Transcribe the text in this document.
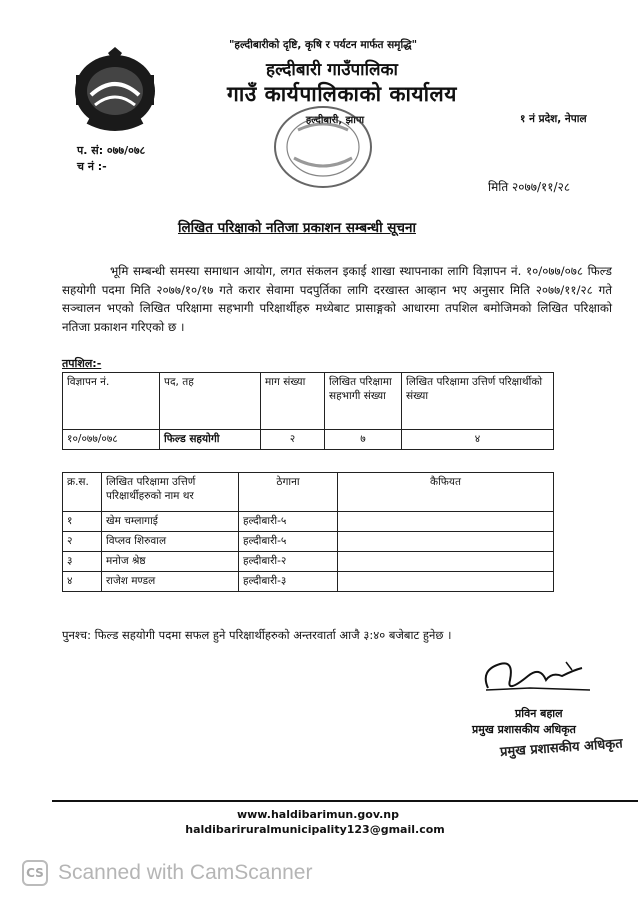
"हल्दीबारीको दृष्टि, कृषि र पर्यटन मार्फत समृद्धि"
हल्दीबारी गाउँपालिका
गाउँ कार्यपालिकाको कार्यालय
हल्दीबारी, झापा	१ नं प्रदेश, नेपाल
प. सं: ०७७/०७८
च नं :-
मिति २०७७/११/२८
लिखित परिक्षाको नतिजा प्रकाशन सम्बन्धी सूचना
भूमि सम्बन्धी समस्या समाधान आयोग, लगत संकलन इकाई शाखा स्थापनाका लागि विज्ञापन नं. १०/०७७/०७८ फिल्ड सहयोगी पदमा मिति २०७७/१०/१७ गते करार सेवामा पदपुर्तिका लागि दरखास्त आव्हान भए अनुसार मिति २०७७/११/२८ गते सञ्चालन भएको लिखित परिक्षामा सहभागी परिक्षार्थीहरु मध्येबाट प्रासाङ्गको आधारमा तपशिल बमोजिमको लिखित परिक्षाको नतिजा प्रकाशन गरिएको छ ।
तपशिल:-
विज्ञापन नं.	पद, तह	माग संख्या	लिखित परिक्षामा सहभागी संख्या	लिखित परिक्षामा उत्तिर्ण परिक्षार्थीको संख्या
१०/०७७/०७८	फिल्ड सहयोगी	२	७	४
क्र.स.	लिखित परिक्षामा उत्तिर्ण परिक्षार्थीहरुको नाम थर	ठेगाना	कैफियत
१	खेम चम्लागाई	हल्दीबारी-५	
२	विप्लव शिरुवाल	हल्दीबारी-५	
३	मनोज श्रेष्ठ	हल्दीबारी-२	
४	राजेश मण्डल	हल्दीबारी-३	
पुनश्च: फिल्ड सहयोगी पदमा सफल हुने परिक्षार्थीहरुको अन्तरवार्ता आजै ३:४० बजेबाट हुनेछ ।
प्रविन बहाल
प्रमुख प्रशासकीय अधिकृत
प्रमुख प्रशासकीय अधिकृत
www.haldibarimun.gov.np
haldibariruralmunicipality123@gmail.com
CS Scanned with CamScanner
